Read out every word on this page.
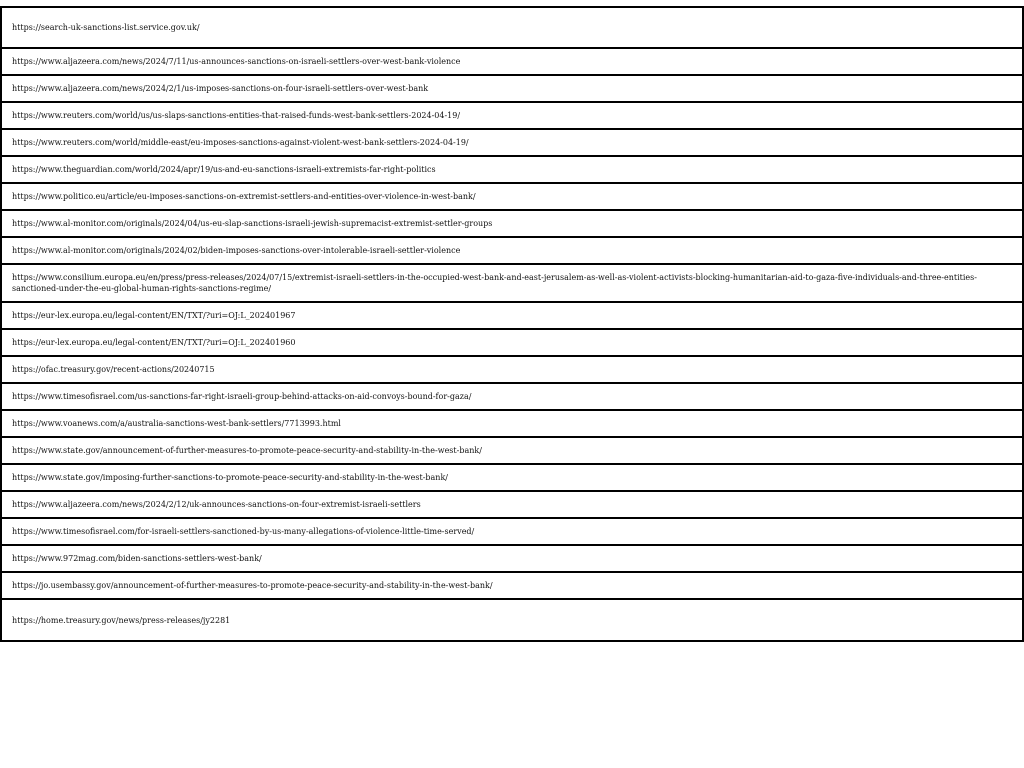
https://search-uk-sanctions-list.service.gov.uk/
https://www.aljazeera.com/news/2024/7/11/us-announces-sanctions-on-israeli-settlers-over-west-bank-violence
https://www.aljazeera.com/news/2024/2/1/us-imposes-sanctions-on-four-israeli-settlers-over-west-bank
https://www.reuters.com/world/us/us-slaps-sanctions-entities-that-raised-funds-west-bank-settlers-2024-04-19/
https://www.reuters.com/world/middle-east/eu-imposes-sanctions-against-violent-west-bank-settlers-2024-04-19/
https://www.theguardian.com/world/2024/apr/19/us-and-eu-sanctions-israeli-extremists-far-right-politics
https://www.politico.eu/article/eu-imposes-sanctions-on-extremist-settlers-and-entities-over-violence-in-west-bank/
https://www.al-monitor.com/originals/2024/04/us-eu-slap-sanctions-israeli-jewish-supremacist-extremist-settler-groups
https://www.al-monitor.com/originals/2024/02/biden-imposes-sanctions-over-intolerable-israeli-settler-violence
https://www.consilium.europa.eu/en/press/press-releases/2024/07/15/extremist-israeli-settlers-in-the-occupied-west-bank-and-east-jerusalem-as-well-as-violent-activists-blocking-humanitarian-aid-to-gaza-five-individuals-and-three-entities-sanctioned-under-the-eu-global-human-rights-sanctions-regime/
https://eur-lex.europa.eu/legal-content/EN/TXT/?uri=OJ:L_202401967
https://eur-lex.europa.eu/legal-content/EN/TXT/?uri=OJ:L_202401960
https://ofac.treasury.gov/recent-actions/20240715
https://www.timesofisrael.com/us-sanctions-far-right-israeli-group-behind-attacks-on-aid-convoys-bound-for-gaza/
https://www.voanews.com/a/australia-sanctions-west-bank-settlers/7713993.html
https://www.state.gov/announcement-of-further-measures-to-promote-peace-security-and-stability-in-the-west-bank/
https://www.state.gov/imposing-further-sanctions-to-promote-peace-security-and-stability-in-the-west-bank/
https://www.aljazeera.com/news/2024/2/12/uk-announces-sanctions-on-four-extremist-israeli-settlers
https://www.timesofisrael.com/for-israeli-settlers-sanctioned-by-us-many-allegations-of-violence-little-time-served/
https://www.972mag.com/biden-sanctions-settlers-west-bank/
https://jo.usembassy.gov/announcement-of-further-measures-to-promote-peace-security-and-stability-in-the-west-bank/
https://home.treasury.gov/news/press-releases/jy2281
